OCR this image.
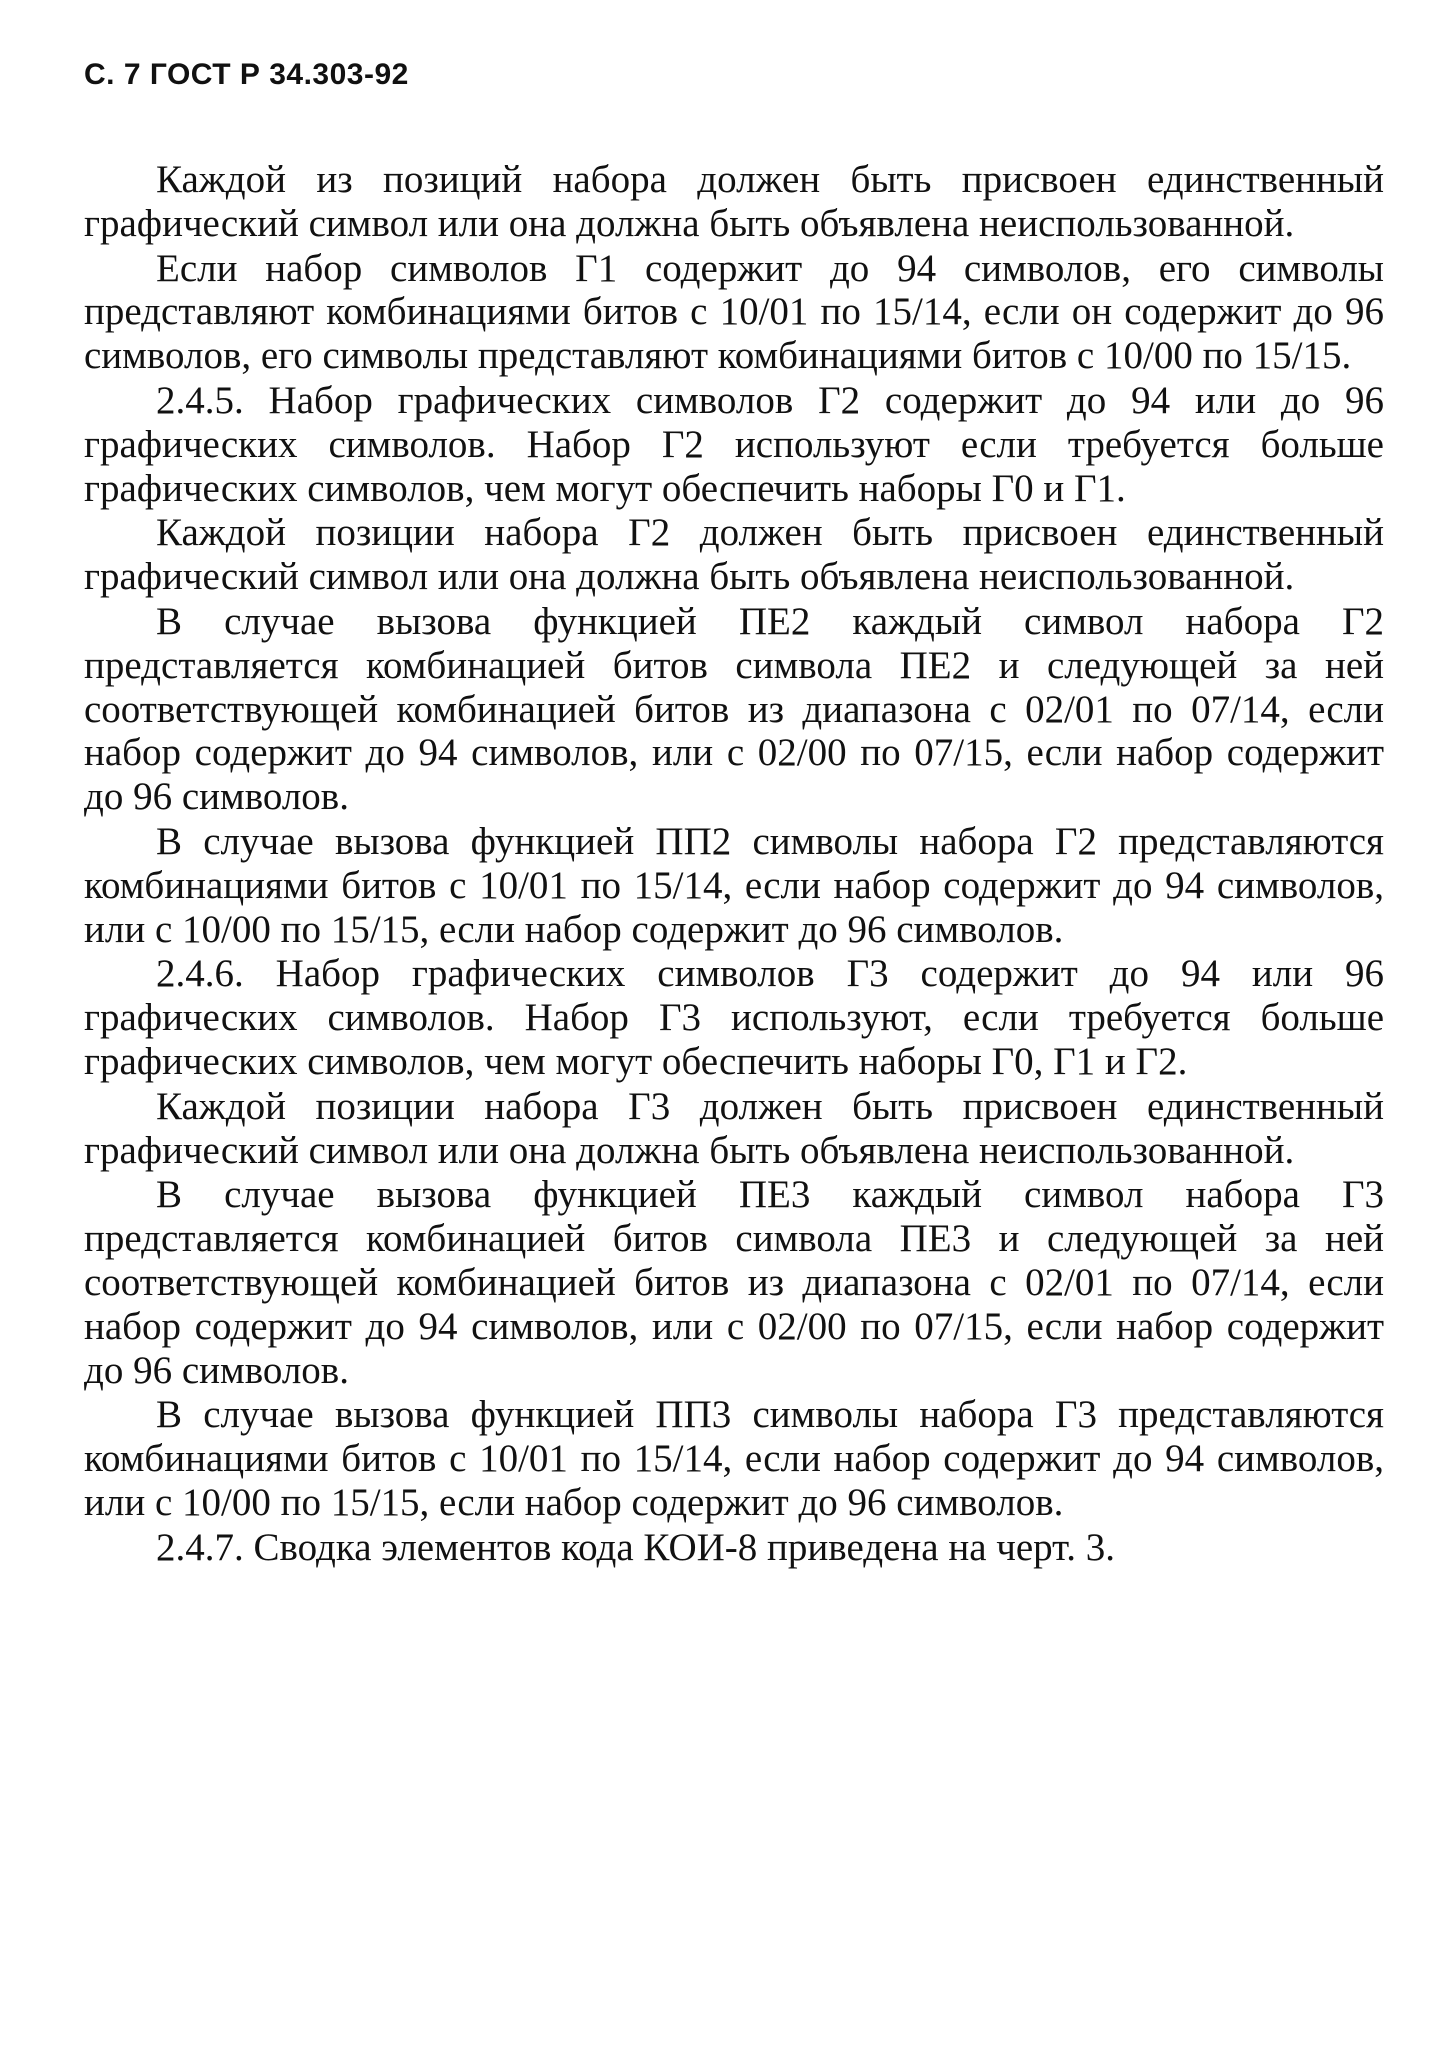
С. 7 ГОСТ Р 34.303-92

Каждой из позиций набора должен быть присвоен единственный графический символ или она должна быть объявлена неиспользованной.

Если набор символов Г1 содержит до 94 символов, его символы представляют комбинациями битов с 10/01 по 15/14, если он содержит до 96 символов, его символы представляют комбинациями битов с 10/00 по 15/15.

2.4.5. Набор графических символов Г2 содержит до 94 или до 96 графических символов. Набор Г2 используют если требуется больше графических символов, чем могут обеспечить наборы Г0 и Г1.

Каждой позиции набора Г2 должен быть присвоен единственный графический символ или она должна быть объявлена неиспользованной.

В случае вызова функцией ПЕ2 каждый символ набора Г2 представляется комбинацией битов символа ПЕ2 и следующей за ней соответствующей комбинацией битов из диапазона с 02/01 по 07/14, если набор содержит до 94 символов, или с 02/00 по 07/15, если набор содержит до 96 символов.

В случае вызова функцией ПП2 символы набора Г2 представляются комбинациями битов с 10/01 по 15/14, если набор содержит до 94 символов, или с 10/00 по 15/15, если набор содержит до 96 символов.

2.4.6. Набор графических символов Г3 содержит до 94 или 96 графических символов. Набор Г3 используют, если требуется больше графических символов, чем могут обеспечить наборы Г0, Г1 и Г2.

Каждой позиции набора Г3 должен быть присвоен единственный графический символ или она должна быть объявлена неиспользованной.

В случае вызова функцией ПЕ3 каждый символ набора Г3 представляется комбинацией битов символа ПЕ3 и следующей за ней соответствующей комбинацией битов из диапазона с 02/01 по 07/14, если набор содержит до 94 символов, или с 02/00 по 07/15, если набор содержит до 96 символов.

В случае вызова функцией ПП3 символы набора Г3 представляются комбинациями битов с 10/01 по 15/14, если набор содержит до 94 символов, или с 10/00 по 15/15, если набор содержит до 96 символов.

2.4.7. Сводка элементов кода КОИ-8 приведена на черт. 3.
